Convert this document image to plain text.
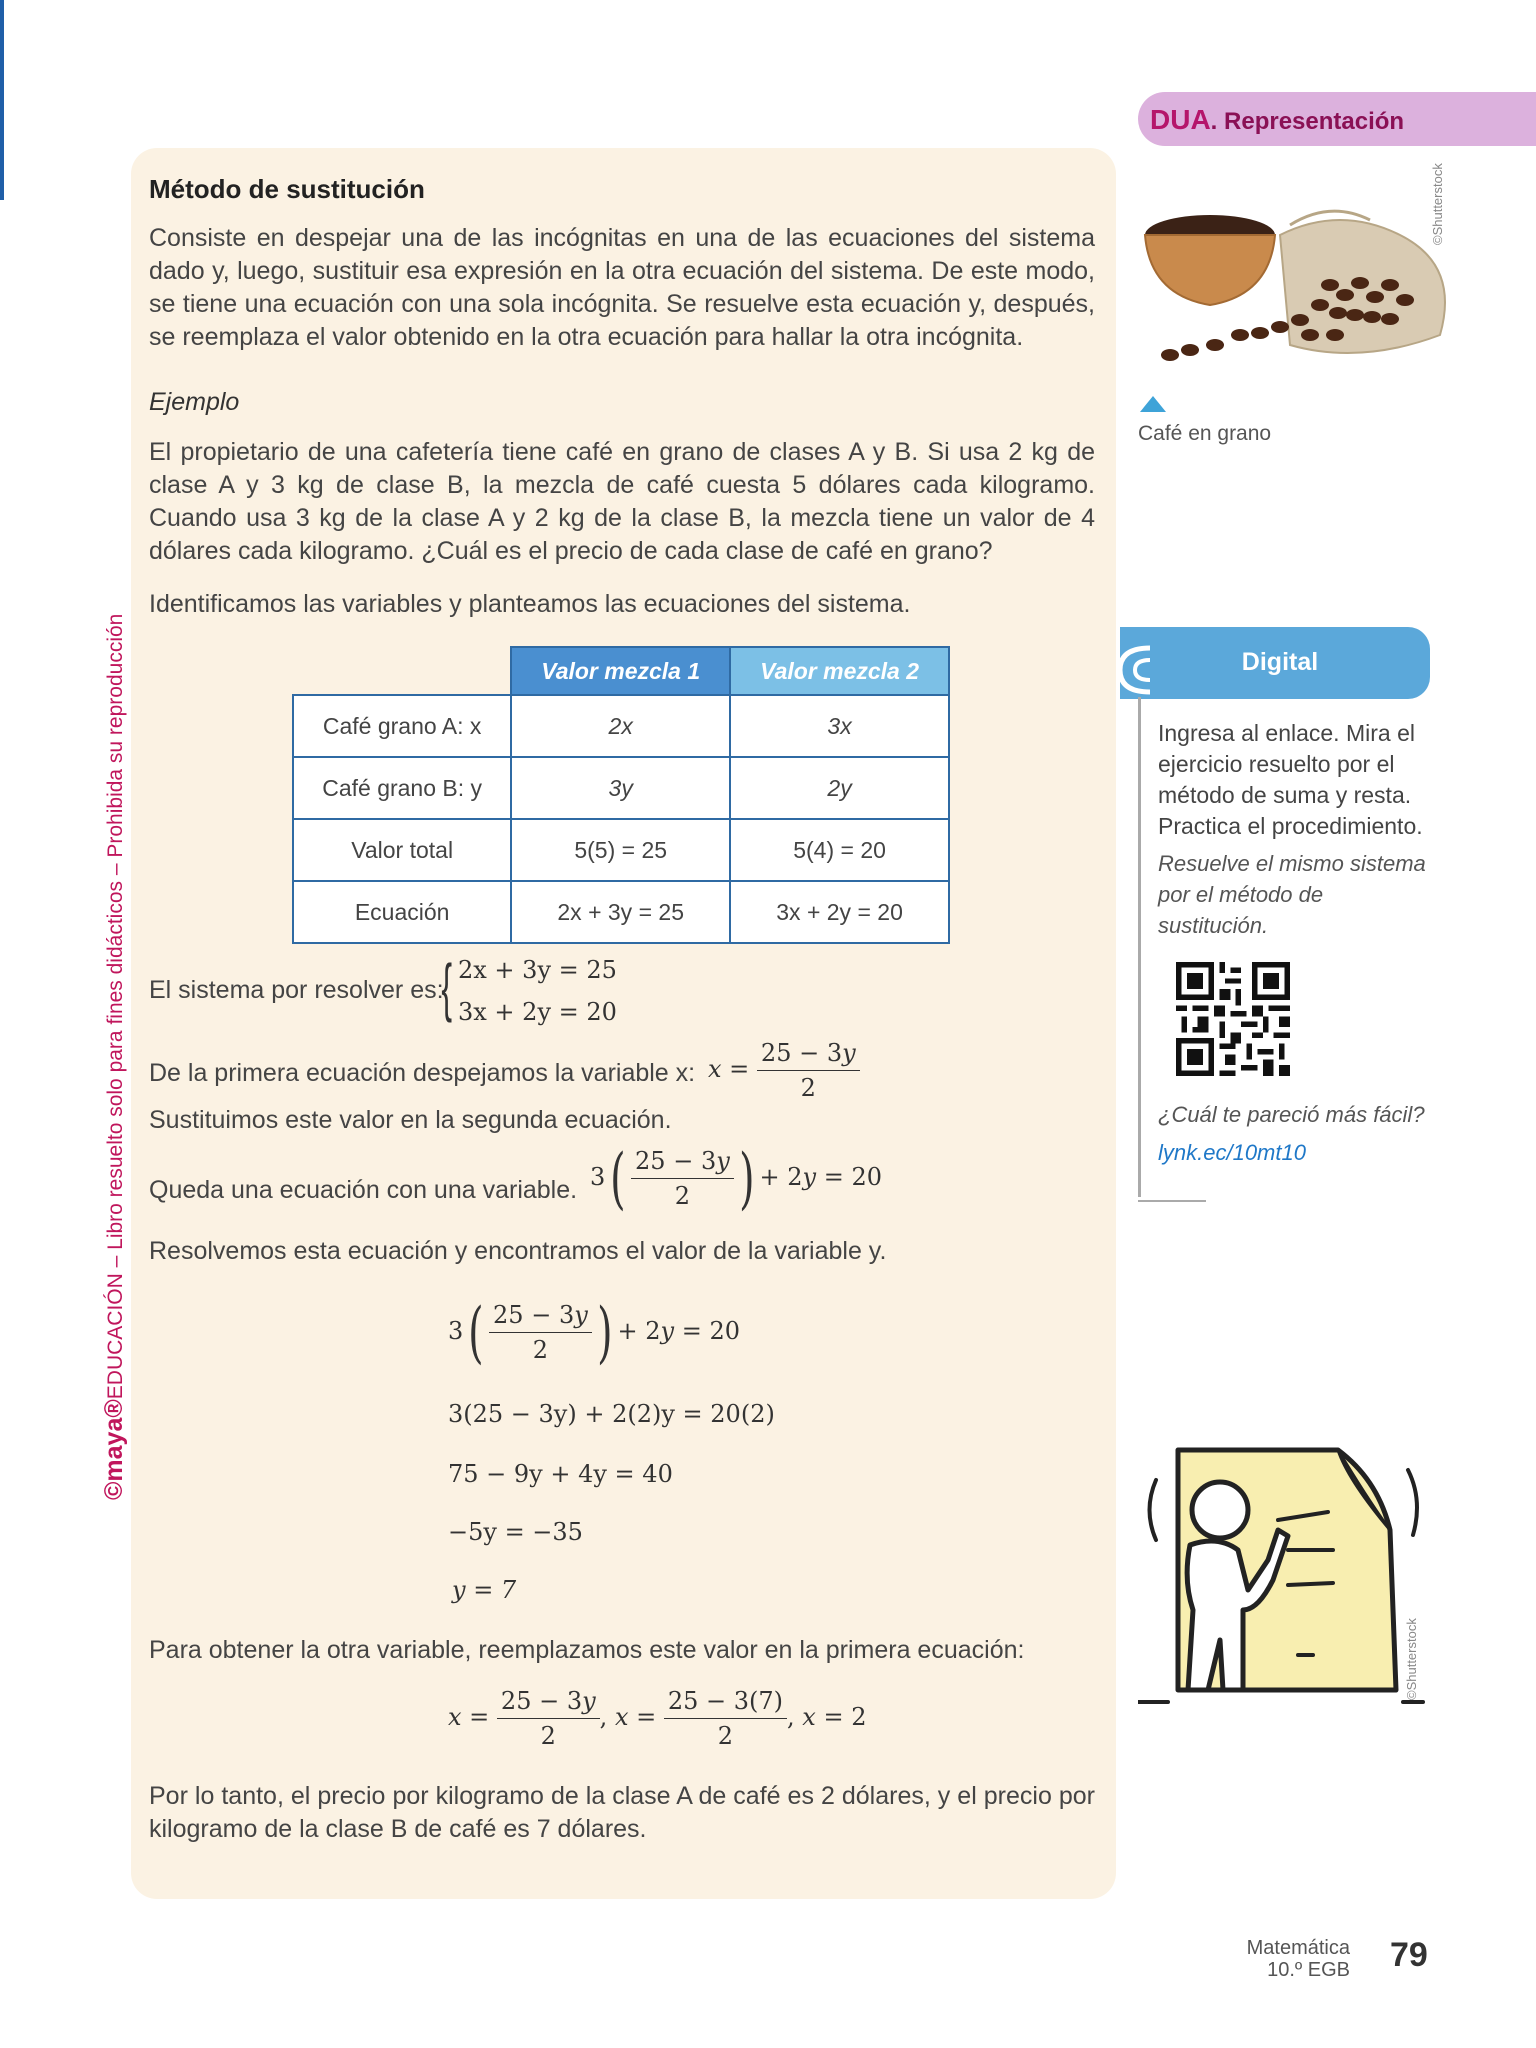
©maya®EDUCACIÓN – Libro resuelto solo para fines didácticos – Prohibida su reproducción
Método de sustitución
Consiste en despejar una de las incógnitas en una de las ecuaciones del sistema dado y, luego, sustituir esa expresión en la otra ecuación del sistema. De este modo, se tiene una ecuación con una sola incógnita. Se resuelve esta ecuación y, después, se reemplaza el valor obtenido en la otra ecuación para hallar la otra incógnita.
Ejemplo
El propietario de una cafetería tiene café en grano de clases A y B. Si usa 2 kg de clase A y 3 kg de clase B, la mezcla de café cuesta 5 dólares cada kilogramo. Cuando usa 3 kg de la clase A y 2 kg de la clase B, la mezcla tiene un valor de 4 dólares cada kilogramo. ¿Cuál es el precio de cada clase de café en grano?
Identificamos las variables y planteamos las ecuaciones del sistema.
	Valor mezcla 1	Valor mezcla 2
Café grano A: x	2x	3x
Café grano B: y	3y	2y
Valor total	5(5) = 25	5(4) = 20
Ecuación	2x + 3y = 25	3x + 2y = 20
El sistema por resolver es:
{ 2x + 3y = 25
3x + 2y = 20
De la primera ecuación despejamos la variable x: $x = \frac{25 - 3y}{2}$
Sustituimos este valor en la segunda ecuación.
Queda una ecuación con una variable. $3( \frac{25 - 3y}{2}$ ) + 2y = 20
Resolvemos esta ecuación y encontramos el valor de la variable y.
$3( \frac{25 - 3y}{2}$ ) + 2y = 20
3(25 − 3y) + 2(2)y = 20(2)
75 − 9y + 4y = 40
−5y = −35
y = 7
Para obtener la otra variable, reemplazamos este valor en la primera ecuación:
$x = \frac{25 - 3y}{2}$ , $x = \frac{25 - 3(7)}{2}$ , x = 2
Por lo tanto, el precio por kilogramo de la clase A de café es 2 dólares, y el precio por kilogramo de la clase B de café es 7 dólares.
DUA. Representación
©Shutterstock
Café en grano
Digital
Ingresa al enlace. Mira el ejercicio resuelto por el método de suma y resta. Practica el procedimiento.
Resuelve el mismo sistema por el método de sustitución.
¿Cuál te pareció más fácil?
lynk.ec/10mt10
©Shutterstock
Matemática
10.º EGB 79
